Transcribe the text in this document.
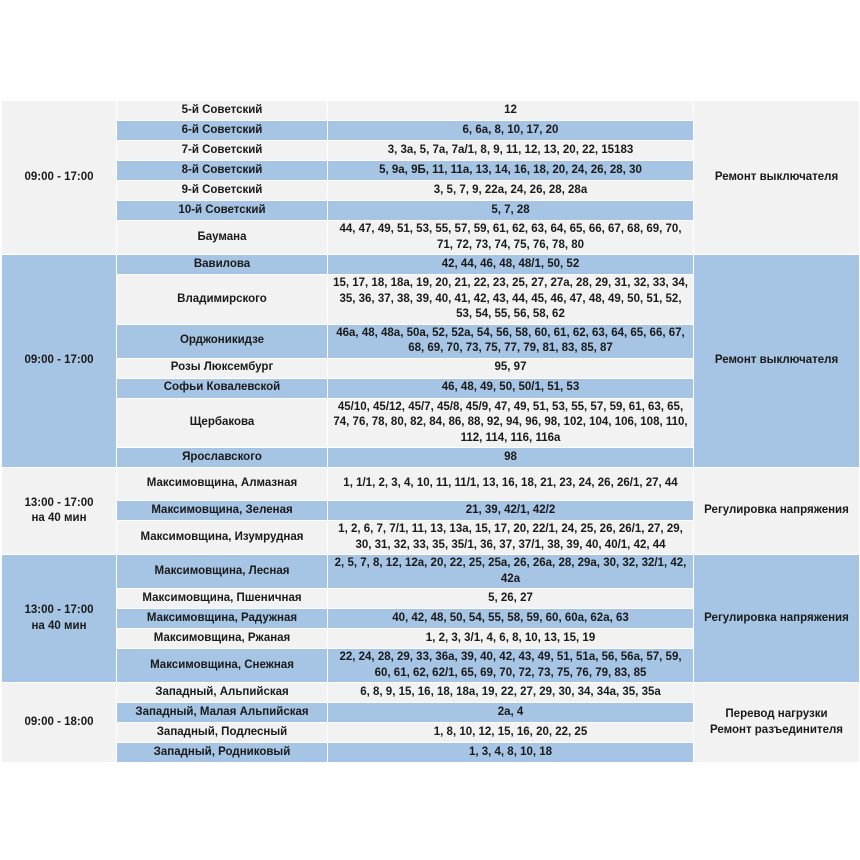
09:00 - 17:00	5-й Советский	12	Ремонт выключателя
	6-й Советский	6, 6а, 8, 10, 17, 20	
	7-й Советский	3, 3а, 5, 7а, 7а/1, 8, 9, 11, 12, 13, 20, 22, 15183	
	8-й Советский	5, 9а, 9Б, 11, 11а, 13, 14, 16, 18, 20, 24, 26, 28, 30	
	9-й Советский	3, 5, 7, 9, 22а, 24, 26, 28, 28а	
	10-й Советский	5, 7, 28	
	Баумана	44, 47, 49, 51, 53, 55, 57, 59, 61, 62, 63, 64, 65, 66, 67, 68, 69, 70, 71, 72, 73, 74, 75, 76, 78, 80	
09:00 - 17:00	Вавилова	42, 44, 46, 48, 48/1, 50, 52	Ремонт выключателя
	Владимирского	15, 17, 18, 18а, 19, 20, 21, 22, 23, 25, 27, 27а, 28, 29, 31, 32, 33, 34, 35, 36, 37, 38, 39, 40, 41, 42, 43, 44, 45, 46, 47, 48, 49, 50, 51, 52, 53, 54, 55, 56, 58, 62	
	Орджоникидзе	46а, 48, 48а, 50а, 52, 52а, 54, 56, 58, 60, 61, 62, 63, 64, 65, 66, 67, 68, 69, 70, 73, 75, 77, 79, 81, 83, 85, 87	
	Розы Люксембург	95, 97	
	Софьи Ковалевской	46, 48, 49, 50, 50/1, 51, 53	
	Щербакова	45/10, 45/12, 45/7, 45/8, 45/9, 47, 49, 51, 53, 55, 57, 59, 61, 63, 65, 74, 76, 78, 80, 82, 84, 86, 88, 92, 94, 96, 98, 102, 104, 106, 108, 110, 112, 114, 116, 116а	
	Ярославского	98	
13:00 - 17:00
на 40 мин	Максимовщина, Алмазная	1, 1/1, 2, 3, 4, 10, 11, 11/1, 13, 16, 18, 21, 23, 24, 26, 26/1, 27, 44	Регулировка напряжения
	Максимовщина, Зеленая	21, 39, 42/1, 42/2	
	Максимовщина, Изумрудная	1, 2, 6, 7, 7/1, 11, 13, 13а, 15, 17, 20, 22/1, 24, 25, 26, 26/1, 27, 29, 30, 31, 32, 33, 35, 35/1, 36, 37, 37/1, 38, 39, 40, 40/1, 42, 44	
13:00 - 17:00
на 40 мин	Максимовщина, Лесная	2, 5, 7, 8, 12, 12а, 20, 22, 25, 25а, 26, 26а, 28, 29а, 30, 32, 32/1, 42, 42а	Регулировка напряжения
	Максимовщина, Пшеничная	5, 26, 27	
	Максимовщина, Радужная	40, 42, 48, 50, 54, 55, 58, 59, 60, 60а, 62а, 63	
	Максимовщина, Ржаная	1, 2, 3, 3/1, 4, 6, 8, 10, 13, 15, 19	
	Максимовщина, Снежная	22, 24, 28, 29, 33, 36а, 39, 40, 42, 43, 49, 51, 51а, 56, 56а, 57, 59, 60, 61, 62, 62/1, 65, 69, 70, 72, 73, 75, 76, 79, 83, 85	
09:00 - 18:00	Западный, Альпийская	6, 8, 9, 15, 16, 18, 18а, 19, 22, 27, 29, 30, 34, 34а, 35, 35а	Перевод нагрузки
Ремонт разъединителя
	Западный, Малая Альпийская	2а, 4	
	Западный, Подлесный	1, 8, 10, 12, 15, 16, 20, 22, 25	
	Западный, Родниковый	1, 3, 4, 8, 10, 18	
